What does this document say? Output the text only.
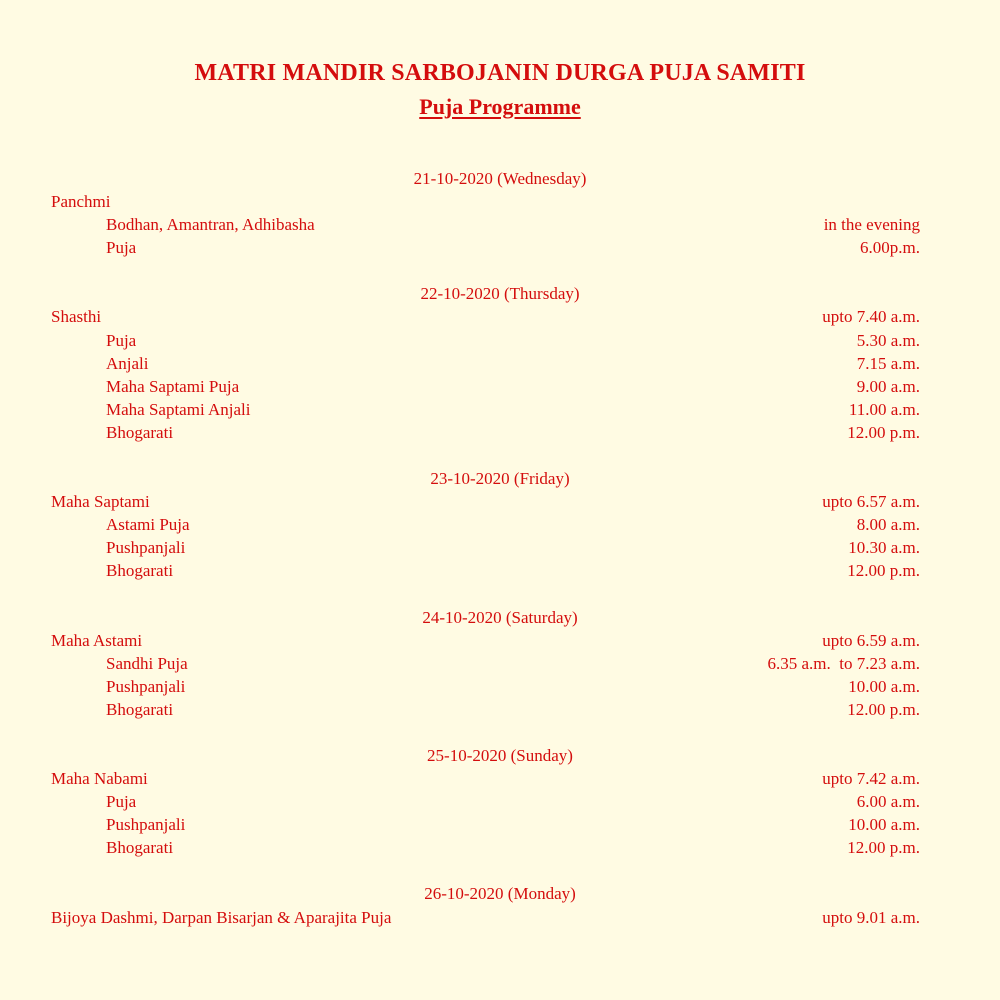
MATRI MANDIR SARBOJANIN DURGA PUJA SAMITI
Puja Programme
21-10-2020 (Wednesday)
Panchmi
Bodhan, Amantran, Adhibasha	in the evening
Puja	6.00p.m.
22-10-2020 (Thursday)
Shasthi	upto 7.40 a.m.
Puja	5.30 a.m.
Anjali	7.15 a.m.
Maha Saptami Puja	9.00 a.m.
Maha Saptami Anjali	11.00 a.m.
Bhogarati	12.00 p.m.
23-10-2020 (Friday)
Maha Saptami	upto 6.57 a.m.
Astami Puja	8.00 a.m.
Pushpanjali	10.30 a.m.
Bhogarati	12.00 p.m.
24-10-2020 (Saturday)
Maha Astami	upto 6.59 a.m.
Sandhi Puja	6.35 a.m.  to 7.23 a.m.
Pushpanjali	10.00 a.m.
Bhogarati	12.00 p.m.
25-10-2020 (Sunday)
Maha Nabami	upto 7.42 a.m.
Puja	6.00 a.m.
Pushpanjali	10.00 a.m.
Bhogarati	12.00 p.m.
26-10-2020 (Monday)
Bijoya Dashmi, Darpan Bisarjan & Aparajita Puja	upto 9.01 a.m.
